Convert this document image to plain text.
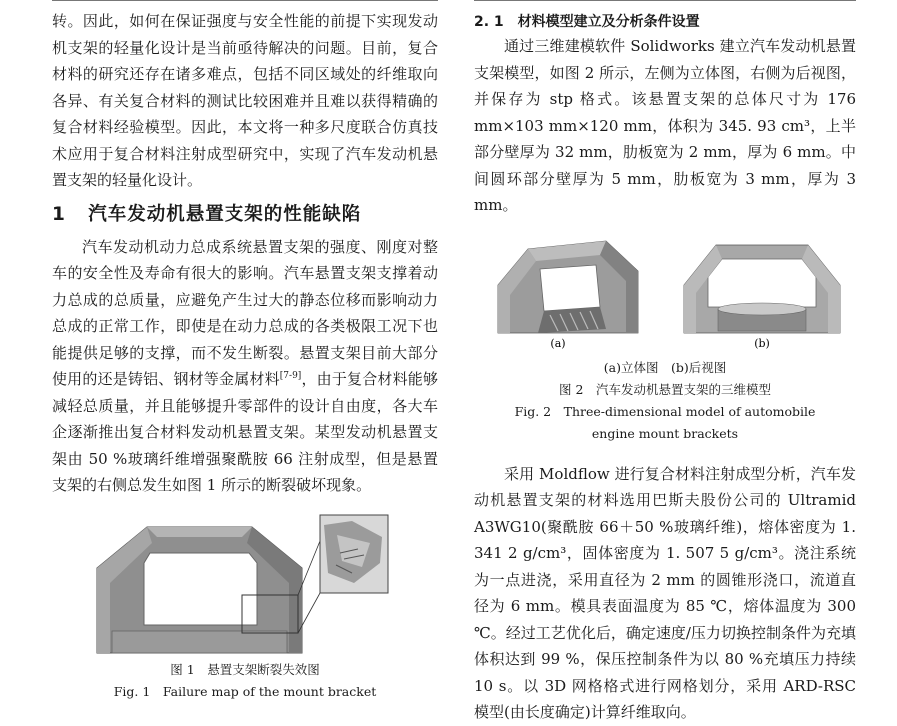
转。因此，如何在保证强度与安全性能的前提下实现发动机支架的轻量化设计是当前亟待解决的问题。目前，复合材料的研究还存在诸多难点，包括不同区域处的纤维取向各异、有关复合材料的测试比较困难并且难以获得精确的复合材料经验模型。因此，本文将一种多尺度联合仿真技术应用于复合材料注射成型研究中，实现了汽车发动机悬置支架的轻量化设计。

1 汽车发动机悬置支架的性能缺陷

汽车发动机动力总成系统悬置支架的强度、刚度对整车的安全性及寿命有很大的影响。汽车悬置支架支撑着动力总成的总质量，应避免产生过大的静态位移而影响动力总成的正常工作，即使是在动力总成的各类极限工况下也能提供足够的支撑，而不发生断裂。悬置支架目前大部分使用的还是铸铝、钢材等金属材料[7-9]，由于复合材料能够减轻总质量，并且能够提升零部件的设计自由度，各大车企逐渐推出复合材料发动机悬置支架。某型发动机悬置支架由 50 %玻璃纤维增强聚酰胺 66 注射成型，但是悬置支架的右侧总发生如图 1 所示的断裂破坏现象。

图 1　悬置支架断裂失效图
Fig. 1　Failure map of the mount bracket
2. 1　材料模型建立及分析条件设置

通过三维建模软件 Solidworks 建立汽车发动机悬置支架模型，如图 2 所示，左侧为立体图，右侧为后视图，并保存为 stp 格式。该悬置支架的总体尺寸为 176 mm×103 mm×120 mm，体积为 345. 93 cm³，上半部分壁厚为 32 mm，肋板宽为 2 mm，厚为 6 mm。中间圆环部分壁厚为 5 mm，肋板宽为 3 mm，厚为 3 mm。

(a)	(b)
(a)立体图　(b)后视图
图 2　汽车发动机悬置支架的三维模型
Fig. 2　Three-dimensional model of automobile
engine mount brackets

采用 Moldflow 进行复合材料注射成型分析，汽车发动机悬置支架的材料选用巴斯夫股份公司的 Ultramid A3WG10(聚酰胺 66＋50 %玻璃纤维)，熔体密度为 1. 341 2 g/cm³，固体密度为 1. 507 5 g/cm³。浇注系统为一点进浇，采用直径为 2 mm 的圆锥形浇口，流道直径为 6 mm。模具表面温度为 85 ℃，熔体温度为 300 ℃。经过工艺优化后，确定速度/压力切换控制条件为充填体积达到 99 %，保压控制条件为以 80 %充填压力持续 10 s。以 3D 网格格式进行网格划分，采用 ARD-RSC 模型(由长度确定)计算纤维取向。
